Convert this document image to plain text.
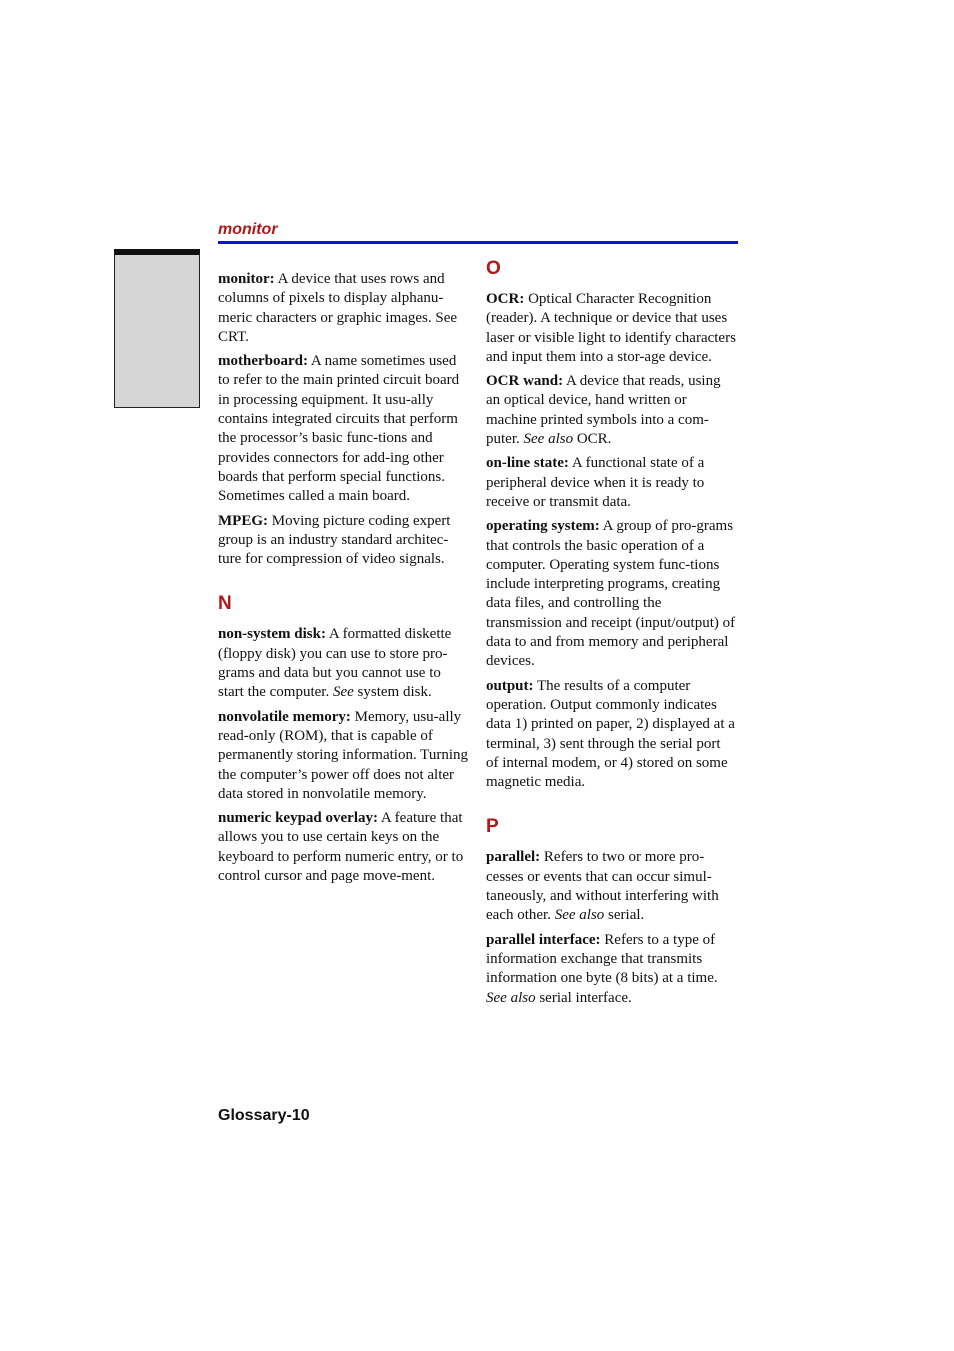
monitor

monitor: A device that uses rows and columns of pixels to display alphanu-meric characters or graphic images. See CRT.

motherboard: A name sometimes used to refer to the main printed circuit board in processing equipment. It usu-ally contains integrated circuits that perform the processor’s basic func-tions and provides connectors for add-ing other boards that perform special functions. Sometimes called a main board.

MPEG: Moving picture coding expert group is an industry standard architec-ture for compression of video signals.

N

non-system disk: A formatted diskette (floppy disk) you can use to store pro-grams and data but you cannot use to start the computer. See system disk.

nonvolatile memory: Memory, usu-ally read-only (ROM), that is capable of permanently storing information. Turning the computer’s power off does not alter data stored in nonvolatile memory.

numeric keypad overlay: A feature that allows you to use certain keys on the keyboard to perform numeric entry, or to control cursor and page move-ment.

O

OCR: Optical Character Recognition (reader). A technique or device that uses laser or visible light to identify characters and input them into a stor-age device.

OCR wand: A device that reads, using an optical device, hand written or machine printed symbols into a com-puter. See also OCR.

on-line state: A functional state of a peripheral device when it is ready to receive or transmit data.

operating system: A group of pro-grams that controls the basic operation of a computer. Operating system func-tions include interpreting programs, creating data files, and controlling the transmission and receipt (input/output) of data to and from memory and peripheral devices.

output: The results of a computer operation. Output commonly indicates data 1) printed on paper, 2) displayed at a terminal, 3) sent through the serial port of internal modem, or 4) stored on some magnetic media.

P

parallel: Refers to two or more pro-cesses or events that can occur simul-taneously, and without interfering with each other. See also serial.

parallel interface: Refers to a type of information exchange that transmits information one byte (8 bits) at a time. See also serial interface.

Glossary-10
